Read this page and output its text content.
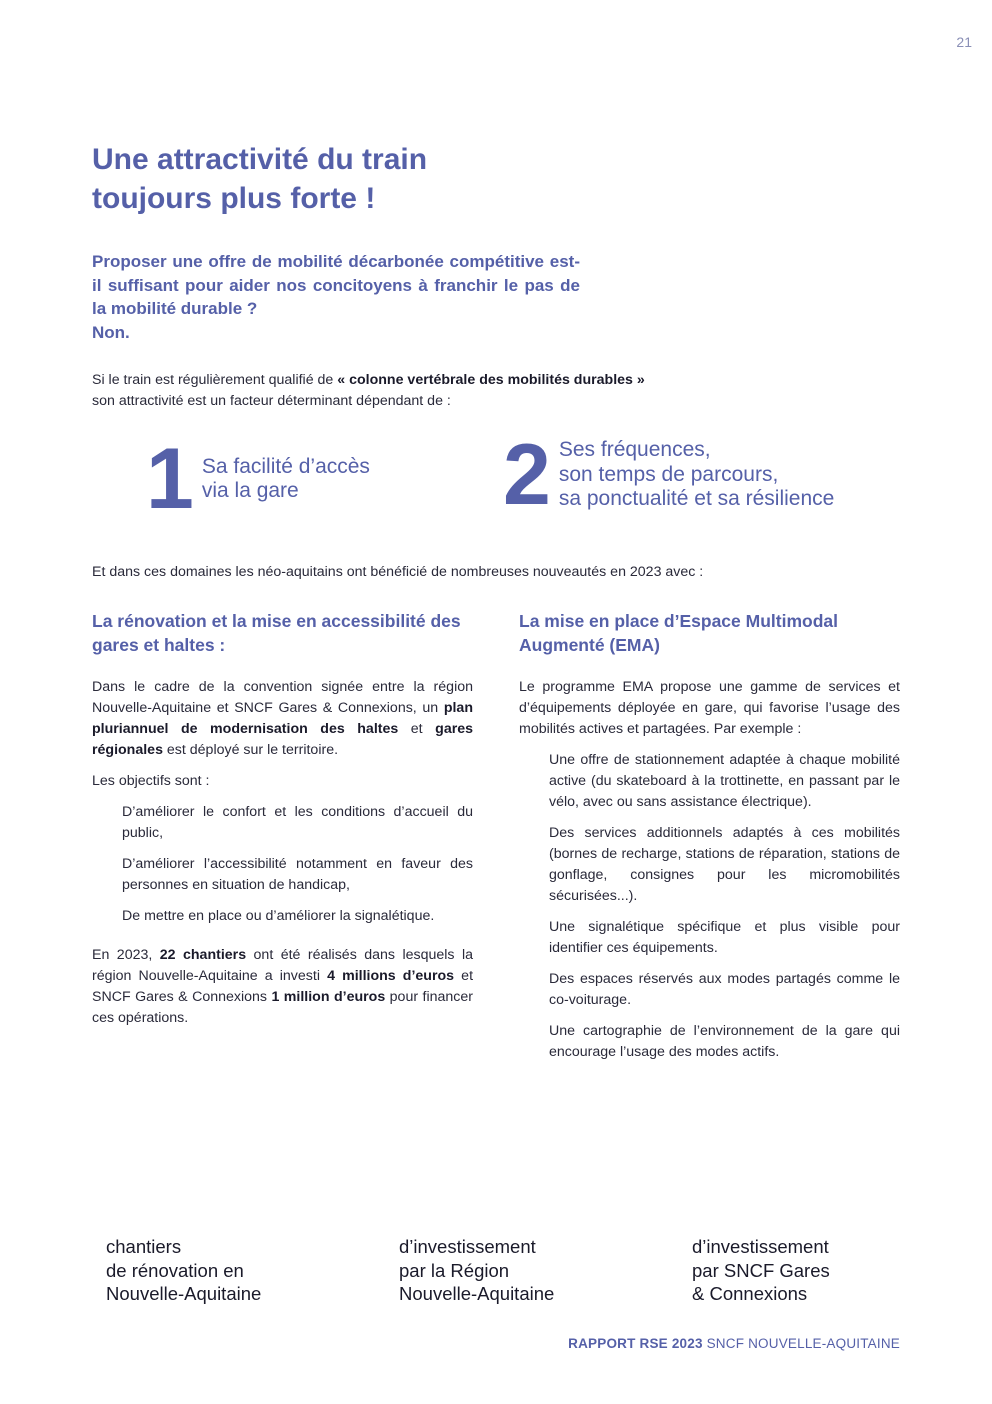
21
Une attractivité du train
toujours plus forte !

Proposer une offre de mobilité décarbonée compétitive est-il suffisant pour aider nos concitoyens à franchir le pas de la mobilité durable ?
Non.

Si le train est régulièrement qualifié de « colonne vertébrale des mobilités durables »
son attractivité est un facteur déterminant dépendant de :

1 Sa facilité d’accès
via la gare	2 Ses fréquences,
son temps de parcours,
sa ponctualité et sa résilience

Et dans ces domaines les néo-aquitains ont bénéficié de nombreuses nouveautés en 2023 avec :

La rénovation et la mise en accessibilité des gares et haltes :

Dans le cadre de la convention signée entre la région Nouvelle-Aquitaine et SNCF Gares & Connexions, un plan pluriannuel de modernisation des haltes et gares régionales est déployé sur le territoire.

Les objectifs sont :

D’améliorer le confort et les conditions d’accueil du public,
D’améliorer l’accessibilité notamment en faveur des personnes en situation de handicap,
De mettre en place ou d’améliorer la signalétique.

En 2023, 22 chantiers ont été réalisés dans lesquels la région Nouvelle-Aquitaine a investi 4 millions d’euros et SNCF Gares & Connexions 1 million d’euros pour financer ces opérations.

La mise en place d’Espace Multimodal Augmenté (EMA)

Le programme EMA propose une gamme de services et d’équipements déployée en gare, qui favorise l’usage des mobilités actives et partagées. Par exemple :

Une offre de stationnement adaptée à chaque mobilité active (du skateboard à la trottinette, en passant par le vélo, avec ou sans assistance électrique).
Des services additionnels adaptés à ces mobilités (bornes de recharge, stations de réparation, stations de gonflage, consignes pour les micromobilités sécurisées...).
Une signalétique spécifique et plus visible pour identifier ces équipements.
Des espaces réservés aux modes partagés comme le co-voiturage.
Une cartographie de l’environnement de la gare qui encourage l’usage des modes actifs.
chantiers
de rénovation en
Nouvelle-Aquitaine
d’investissement
par la Région
Nouvelle-Aquitaine
d’investissement
par SNCF Gares
& Connexions
RAPPORT RSE 2023 SNCF NOUVELLE-AQUITAINE
